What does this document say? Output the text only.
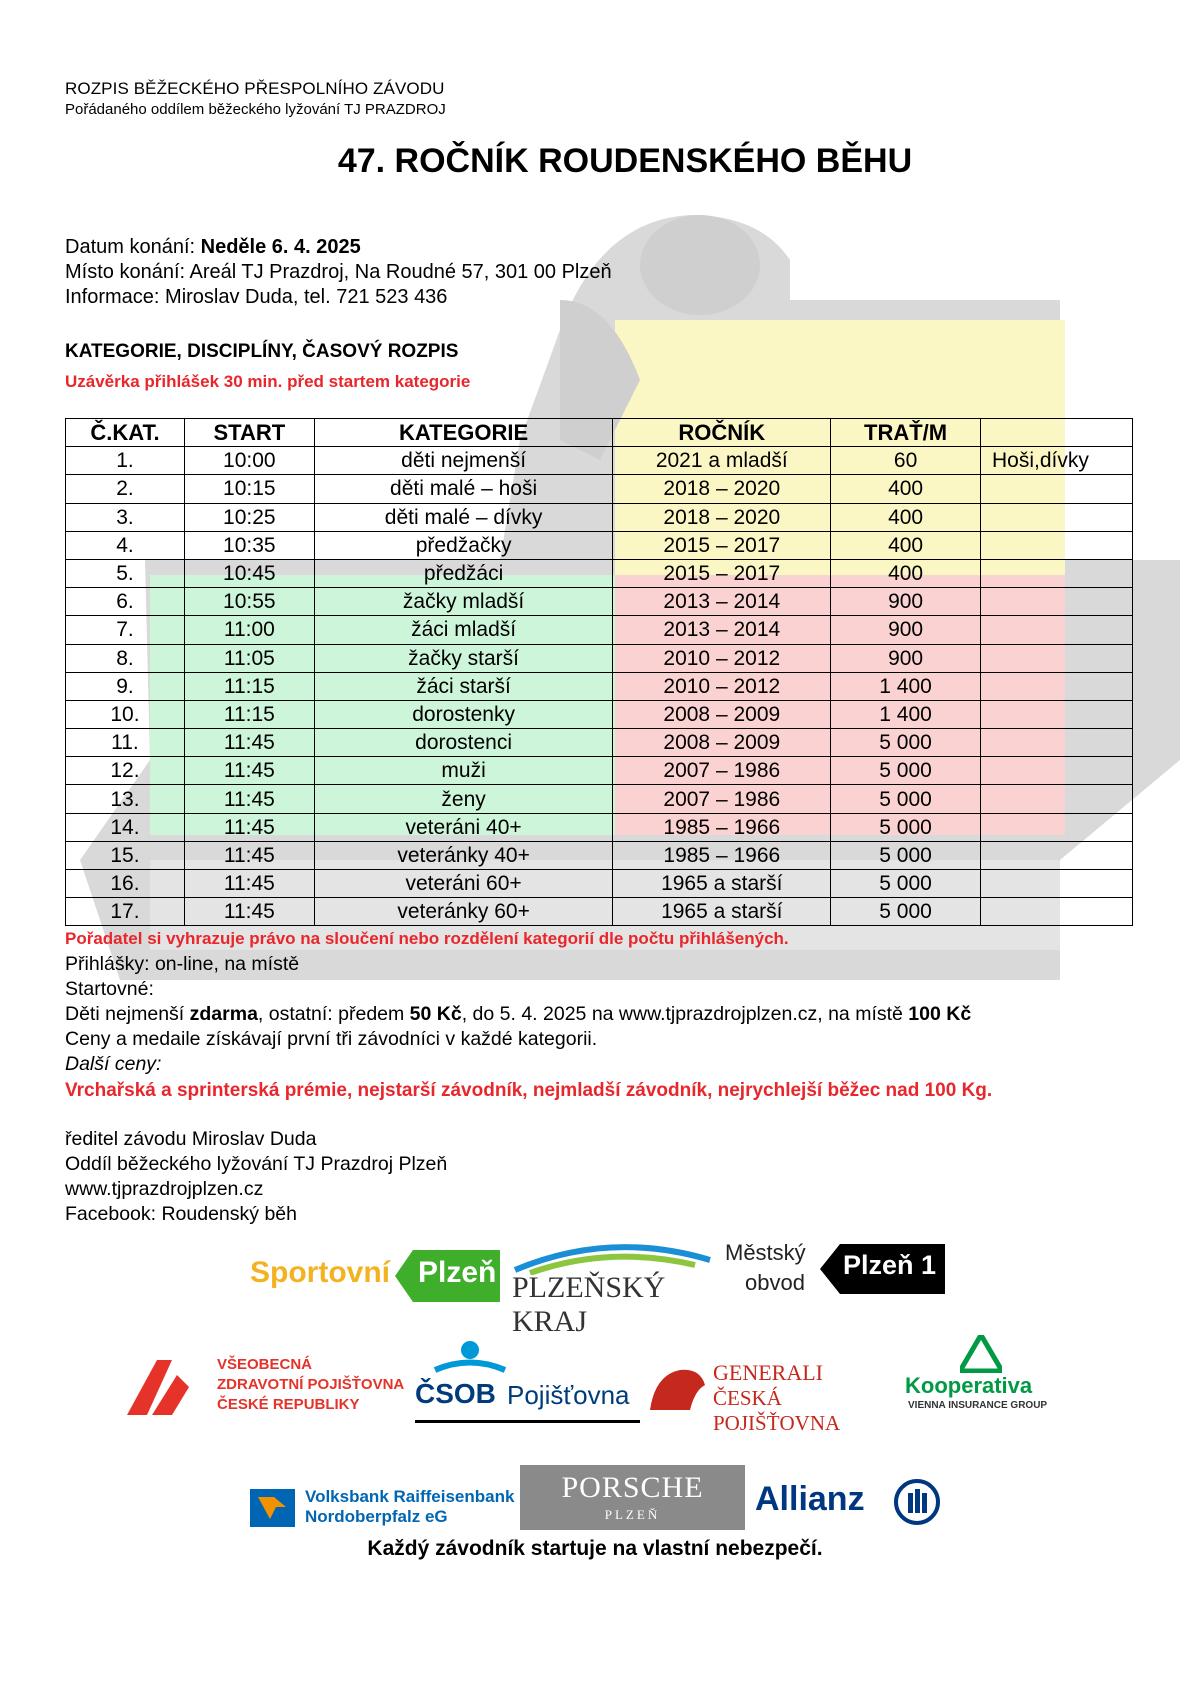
ROZPIS BĚŽECKÉHO PŘESPOLNÍHO ZÁVODU
Pořádaného oddílem běžeckého lyžování TJ PRAZDROJ
47. ROČNÍK ROUDENSKÉHO BĚHU
Datum konání: Neděle 6. 4. 2025
Místo konání: Areál TJ Prazdroj, Na Roudné 57, 301 00 Plzeň
Informace: Miroslav Duda, tel. 721 523 436
KATEGORIE, DISCIPLÍNY, ČASOVÝ ROZPIS
Uzávěrka přihlášek 30 min. před startem kategorie
Č.KAT.	START	KATEGORIE	ROČNÍK	TRAŤ/M	
1.	10:00	děti nejmenší	2021 a mladší	60	Hoši,dívky
2.	10:15	děti malé – hoši	2018 – 2020	400	
3.	10:25	děti malé – dívky	2018 – 2020	400	
4.	10:35	předžačky	2015 – 2017	400	
5.	10:45	předžáci	2015 – 2017	400	
6.	10:55	žačky mladší	2013 – 2014	900	
7.	11:00	žáci mladší	2013 – 2014	900	
8.	11:05	žačky starší	2010 – 2012	900	
9.	11:15	žáci starší	2010 – 2012	1 400	
10.	11:15	dorostenky	2008 – 2009	1 400	
11.	11:45	dorostenci	2008 – 2009	5 000	
12.	11:45	muži	2007 – 1986	5 000	
13.	11:45	ženy	2007 – 1986	5 000	
14.	11:45	veteráni 40+	1985 – 1966	5 000	
15.	11:45	veteránky 40+	1985 – 1966	5 000	
16.	11:45	veteráni 60+	1965 a starší	5 000	
17.	11:45	veteránky 60+	1965 a starší	5 000	
Pořadatel si vyhrazuje právo na sloučení nebo rozdělení kategorií dle počtu přihlášených.
Přihlášky: on-line, na místě
Startovné:
Děti nejmenší zdarma, ostatní: předem 50 Kč, do 5. 4. 2025 na www.tjprazdrojplzen.cz, na místě 100 Kč
Ceny a medaile získávají první tři závodníci v každé kategorii.
Další ceny:
Vrchařská a sprinterská prémie, nejstarší závodník, nejmladší závodník, nejrychlejší běžec nad 100 Kg.
ředitel závodu Miroslav Duda
Oddíl běžeckého lyžování TJ Prazdroj Plzeň
www.tjprazdrojplzen.cz
Facebook: Roudenský běh
Sportovní Plzeň PLZEŇSKÝ KRAJ
Městský
obvod
Plzeň 1
VŠEOBECNÁ
ZDRAVOTNÍ POJIŠŤOVNA
ČESKÉ REPUBLIKY	ČSOB Pojišťovna
GENERALI
ČESKÁ POJIŠŤOVNA
Kooperativa
VIENNA INSURANCE GROUP
Volksbank Raiffeisenbank
Nordoberpfalz eG
PORSCHE
PLZEŇ	Allianz
Každý závodník startuje na vlastní nebezpečí.
